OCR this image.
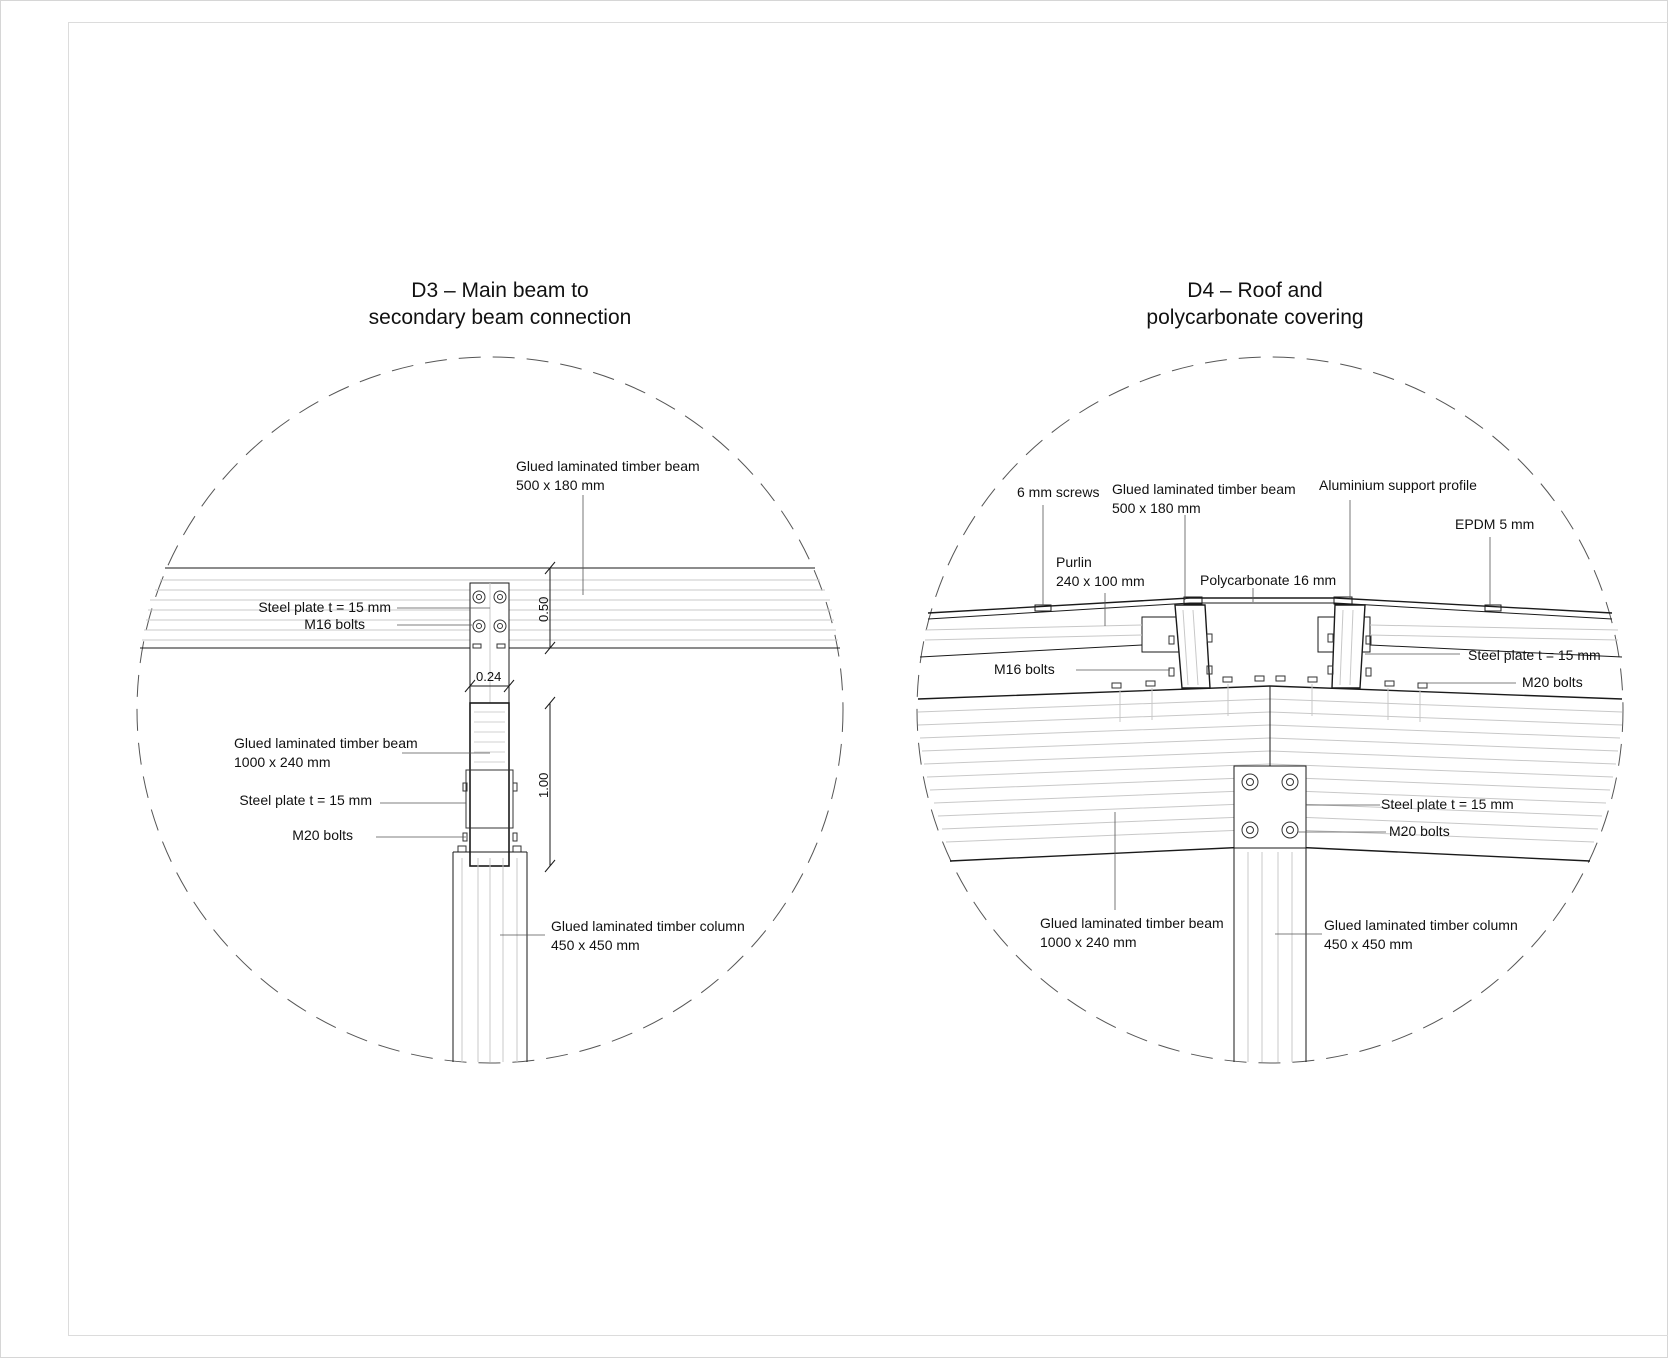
D3 – Main beam to
secondary beam connection
0.50
0.24
1.00
Glued laminated timber beam
500 x 180 mm
Steel plate t = 15 mm
M16 bolts
Glued laminated timber beam
1000 x 240 mm
Steel plate t = 15 mm
M20 bolts
Glued laminated timber column
450 x 450 mm
D4 – Roof and
polycarbonate covering
6 mm screws Glued laminated timber beam
500 x 180 mm
Aluminium support profile
EPDM 5 mm
Purlin
240 x 100 mm	Polycarbonate 16 mm
Steel plate t = 15 mm
M16 bolts
M20 bolts
Steel plate t = 15 mm
M20 bolts
Glued laminated timber beam
1000 x 240 mm
Glued laminated timber column
450 x 450 mm
